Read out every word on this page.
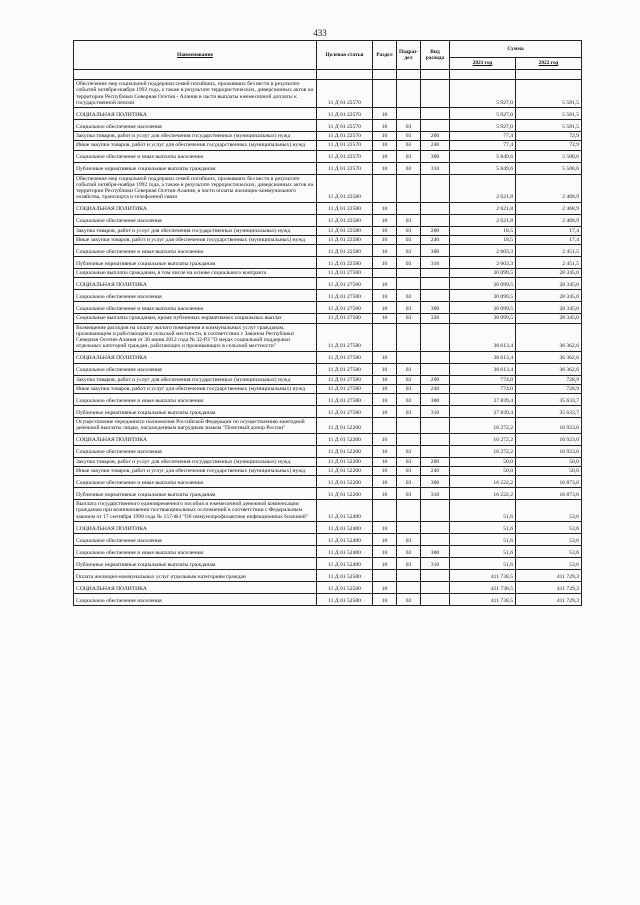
433
Наименование	Целевая статья	Раздел	Подраз-дел	Вид расхода	Сумма	
					2021 год	2022 год

Обеспечение мер социальной поддержки семей погибших, проживших без вести в результате событий октября-ноября 1992 года, а также в результате террористических, диверсионных актов на территории Республики Северная Осетия - Алания в части выплаты ежемесячной доплаты к государственной пенсии	11 Д 01 22570				5 927,0	5 581,5
СОЦИАЛЬНАЯ ПОЛИТИКА	11 Д 01 22570	10			5 927,0	5 581,5
Социальное обеспечение населения	11 Д 01 22570	10	03		5 927,0	5 581,5
Закупка товаров, работ и услуг для обеспечения государственных (муниципальных) нужд	11 Д 01 22570	10	03	200	77,4	72,9
Иные закупки товаров, работ и услуг для обеспечения государственных (муниципальных) нужд	11 Д 01 22570	10	03	240	77,4	72,9
Социальное обеспечение и иные выплаты населению	11 Д 01 22570	10	03	300	5 849,6	5 508,6
Публичные нормативные социальные выплаты гражданам	11 Д 01 22570	10	03	310	5 849,6	5 508,6
Обеспечение мер социальной поддержки семей погибших, проживших без вести в результате событий октября-ноября 1992 года, а также в результате террористических, диверсионных актов на территории Республики Северная Осетия-Алания, в части оплаты жилищно-коммунального хозяйства, транспорта и телефонной связи	11 Д 01 22580				2 621,8	2 468,9
СОЦИАЛЬНАЯ ПОЛИТИКА	11 Д 01 22580	10			2 621,8	2 468,9
Социальное обеспечение населения	11 Д 01 22580	10	03		2 621,8	2 468,9
Закупка товаров, работ и услуг для обеспечения государственных (муниципальных) нужд	11 Д 01 22580	10	03	200	18,5	17,4
Иные закупки товаров, работ и услуг для обеспечения государственных (муниципальных) нужд	11 Д 01 22580	10	03	240	18,5	17,4
Социальное обеспечение и иные выплаты населению	11 Д 01 22580	10	03	300	2 603,3	2 451,5
Публичные нормативные социальные выплаты гражданам	11 Д 01 22580	10	03	310	2 603,3	2 451,5
Социальные выплаты гражданам, в том числе на основе социального контракта	11 Д 01 27500				30 099,5	28 345,0
СОЦИАЛЬНАЯ ПОЛИТИКА	11 Д 01 27500	10			30 099,5	28 345,0
Социальное обеспечение населения	11 Д 01 27500	10	03		30 099,5	28 345,0
Социальное обеспечение и иные выплаты населению	11 Д 01 27500	10	03	300	30 099,5	28 345,0
Социальные выплаты гражданам, кроме публичных нормативных социальных выплат	11 Д 01 27500	10	03	320	30 099,5	28 345,0
Возмещение расходов на оплату жилого помещения и коммунальных услуг гражданам, проживающим и работающим в сельской местности, в соответствии с Законом Республики Северная Осетия-Алания от 30 июня 2012 года № 32-РЗ "О мерах социальной поддержки отдельных категорий граждан, работающих и проживающих в сельской местности"	11 Д 01 27580				38 613,4	36 362,6
СОЦИАЛЬНАЯ ПОЛИТИКА	11 Д 01 27580	10			38 613,4	36 362,6
Социальное обеспечение населения	11 Д 01 27580	10	03		38 613,4	36 362,6
Закупка товаров, работ и услуг для обеспечения государственных (муниципальных) нужд	11 Д 01 27580	10	03	200	774,0	728,9
Иные закупки товаров, работ и услуг для обеспечения государственных (муниципальных) нужд	11 Д 01 27580	10	03	240	774,0	728,9
Социальное обеспечение и иные выплаты населению	11 Д 01 27580	10	03	300	37 839,4	35 633,7
Публичные нормативные социальные выплаты гражданам	11 Д 01 27580	10	03	310	37 839,4	35 633,7
Осуществление переданного полномочия Российской Федерации по осуществлению ежегодной денежной выплаты лицам, награжденным нагрудным знаком "Почетный донор России"	11 Д 01 52200				16 272,2	16 923,0
СОЦИАЛЬНАЯ ПОЛИТИКА	11 Д 01 52200	10			16 272,2	16 923,0
Социальное обеспечение населения	11 Д 01 52200	10	03		16 272,2	16 923,0
Закупка товаров, работ и услуг для обеспечения государственных (муниципальных) нужд	11 Д 01 52200	10	03	200	50,0	50,0
Иные закупки товаров, работ и услуг для обеспечения государственных (муниципальных) нужд	11 Д 01 52200	10	03	240	50,0	50,0
Социальное обеспечение и иные выплаты населению	11 Д 01 52200	10	03	300	16 222,2	16 873,0
Публичные нормативные социальные выплаты гражданам	11 Д 01 52200	10	03	310	16 222,2	16 873,0
Выплата государственного единовременного пособия и ежемесячной денежной компенсации гражданам при возникновении поствакцинальных осложнений в соответствии с Федеральным законом от 17 сентября 1998 года № 157-ФЗ "Об иммунопрофилактике инфекционных болезней"	11 Д 01 52400				51,6	53,6
СОЦИАЛЬНАЯ ПОЛИТИКА	11 Д 01 52400	10			51,6	53,6
Социальное обеспечение населения	11 Д 01 52400	10	03		51,6	53,6
Социальное обеспечение и иные выплаты населению	11 Д 01 52400	10	03	300	51,6	53,6
Публичные нормативные социальные выплаты гражданам	11 Д 01 52400	10	03	310	51,6	53,6
Оплата жилищно-коммунальных услуг отдельным категориям граждан	11 Д 01 52500				411 738,5	411 729,3
СОЦИАЛЬНАЯ ПОЛИТИКА	11 Д 01 52500	10			411 738,5	411 729,3
Социальное обеспечение населения	11 Д 01 52500	10	03		411 738,5	411 729,3
